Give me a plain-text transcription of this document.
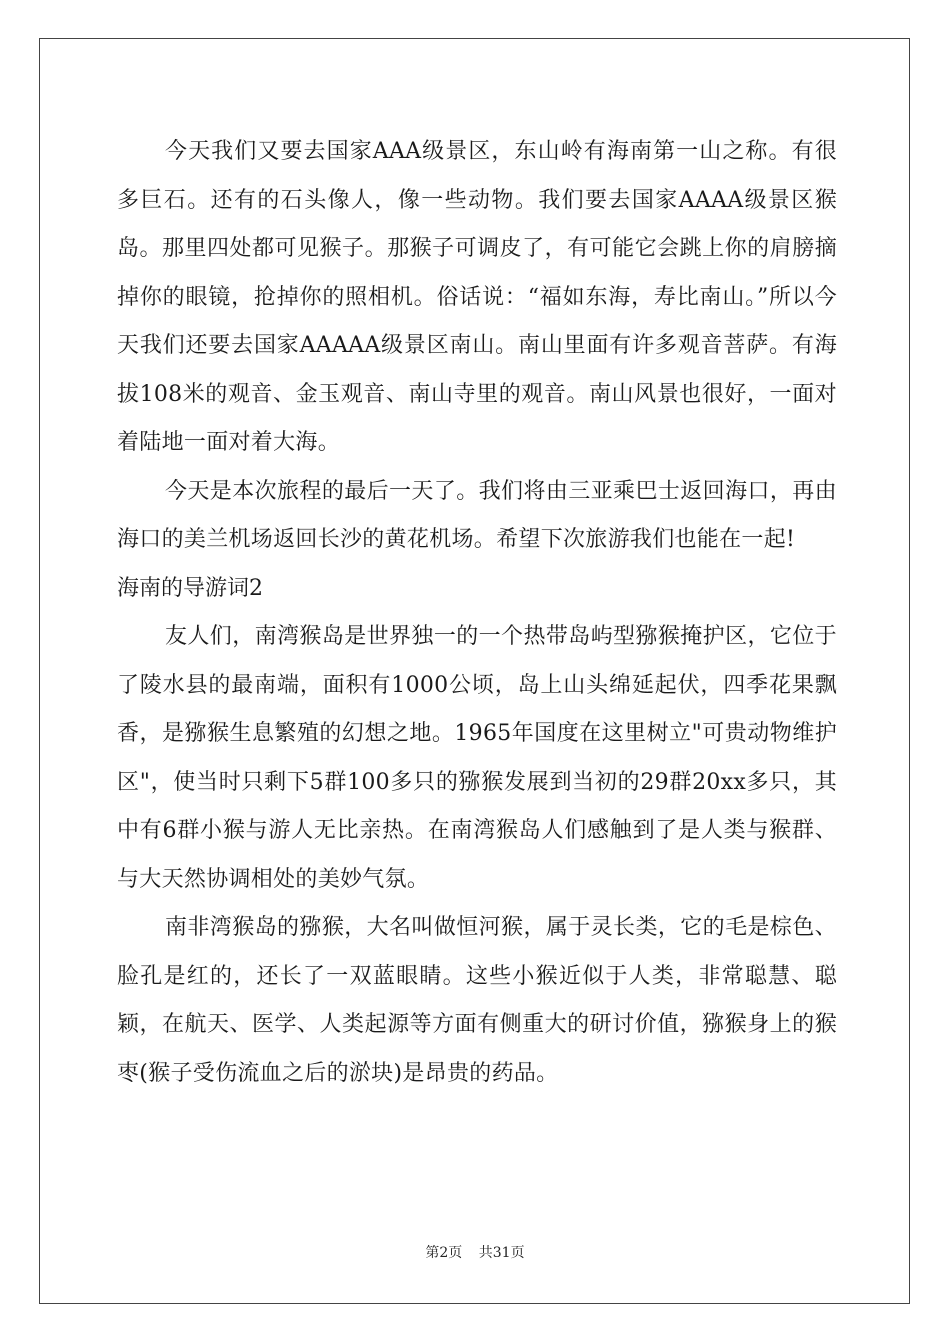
今天我们又要去国家AAA级景区，东山岭有海南第一山之称。有很多巨石。还有的石头像人，像一些动物。我们要去国家AAAA级景区猴岛。那里四处都可见猴子。那猴子可调皮了，有可能它会跳上你的肩膀摘掉你的眼镜，抢掉你的照相机。俗话说：“福如东海，寿比南山。”所以今天我们还要去国家AAAAA级景区南山。南山里面有许多观音菩萨。有海拔108米的观音、金玉观音、南山寺里的观音。南山风景也很好，一面对着陆地一面对着大海。

今天是本次旅程的最后一天了。我们将由三亚乘巴士返回海口，再由海口的美兰机场返回长沙的黄花机场。希望下次旅游我们也能在一起!

海南的导游词2

友人们，南湾猴岛是世界独一的一个热带岛屿型猕猴掩护区，它位于了陵水县的最南端，面积有1000公顷，岛上山头绵延起伏，四季花果飘香，是猕猴生息繁殖的幻想之地。1965年国度在这里树立"可贵动物维护区"，使当时只剩下5群100多只的猕猴发展到当初的29群20xx多只，其中有6群小猴与游人无比亲热。在南湾猴岛人们感触到了是人类与猴群、与大天然协调相处的美妙气氛。

南非湾猴岛的猕猴，大名叫做恒河猴，属于灵长类，它的毛是棕色、脸孔是红的，还长了一双蓝眼睛。这些小猴近似于人类，非常聪慧、聪颖，在航天、医学、人类起源等方面有侧重大的研讨价值，猕猴身上的猴枣(猴子受伤流血之后的淤块)是昂贵的药品。

第2页 共31页
